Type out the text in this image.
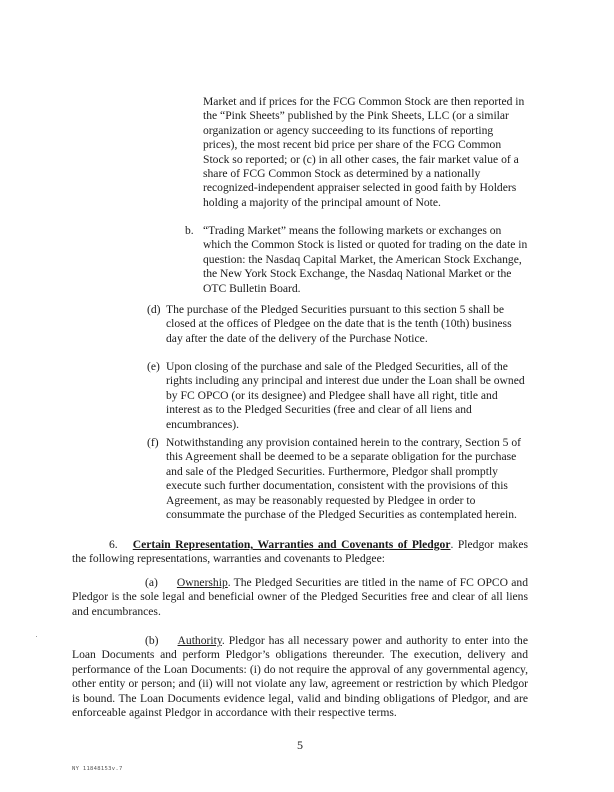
Market and if prices for the FCG Common Stock are then reported in the “Pink Sheets” published by the Pink Sheets, LLC (or a similar organization or agency succeeding to its functions of reporting prices), the most recent bid price per share of the FCG Common Stock so reported; or (c) in all other cases, the fair market value of a share of FCG Common Stock as determined by a nationally recognized-independent appraiser selected in good faith by Holders holding a majority of the principal amount of Note.

b. “Trading Market” means the following markets or exchanges on which the Common Stock is listed or quoted for trading on the date in question: the Nasdaq Capital Market, the American Stock Exchange, the New York Stock Exchange, the Nasdaq National Market or the OTC Bulletin Board.

(d) The purchase of the Pledged Securities pursuant to this section 5 shall be closed at the offices of Pledgee on the date that is the tenth (10th) business day after the date of the delivery of the Purchase Notice.

(e) Upon closing of the purchase and sale of the Pledged Securities, all of the rights including any principal and interest due under the Loan shall be owned by FC OPCO (or its designee) and Pledgee shall have all right, title and interest as to the Pledged Securities (free and clear of all liens and encumbrances).

(f) Notwithstanding any provision contained herein to the contrary, Section 5 of this Agreement shall be deemed to be a separate obligation for the purchase and sale of the Pledged Securities. Furthermore, Pledgor shall promptly execute such further documentation, consistent with the provisions of this Agreement, as may be reasonably requested by Pledgee in order to consummate the purchase of the Pledged Securities as contemplated herein.

6. Certain Representation, Warranties and Covenants of Pledgor. Pledgor makes the following representations, warranties and covenants to Pledgee:

(a) Ownership. The Pledged Securities are titled in the name of FC OPCO and Pledgor is the sole legal and beneficial owner of the Pledged Securities free and clear of all liens and encumbrances.

(b) Authority. Pledgor has all necessary power and authority to enter into the Loan Documents and perform Pledgor’s obligations thereunder. The execution, delivery and performance of the Loan Documents: (i) do not require the approval of any governmental agency, other entity or person; and (ii) will not violate any law, agreement or restriction by which Pledgor is bound. The Loan Documents evidence legal, valid and binding obligations of Pledgor, and are enforceable against Pledgor in accordance with their respective terms.

5
NY 11848153v.7
